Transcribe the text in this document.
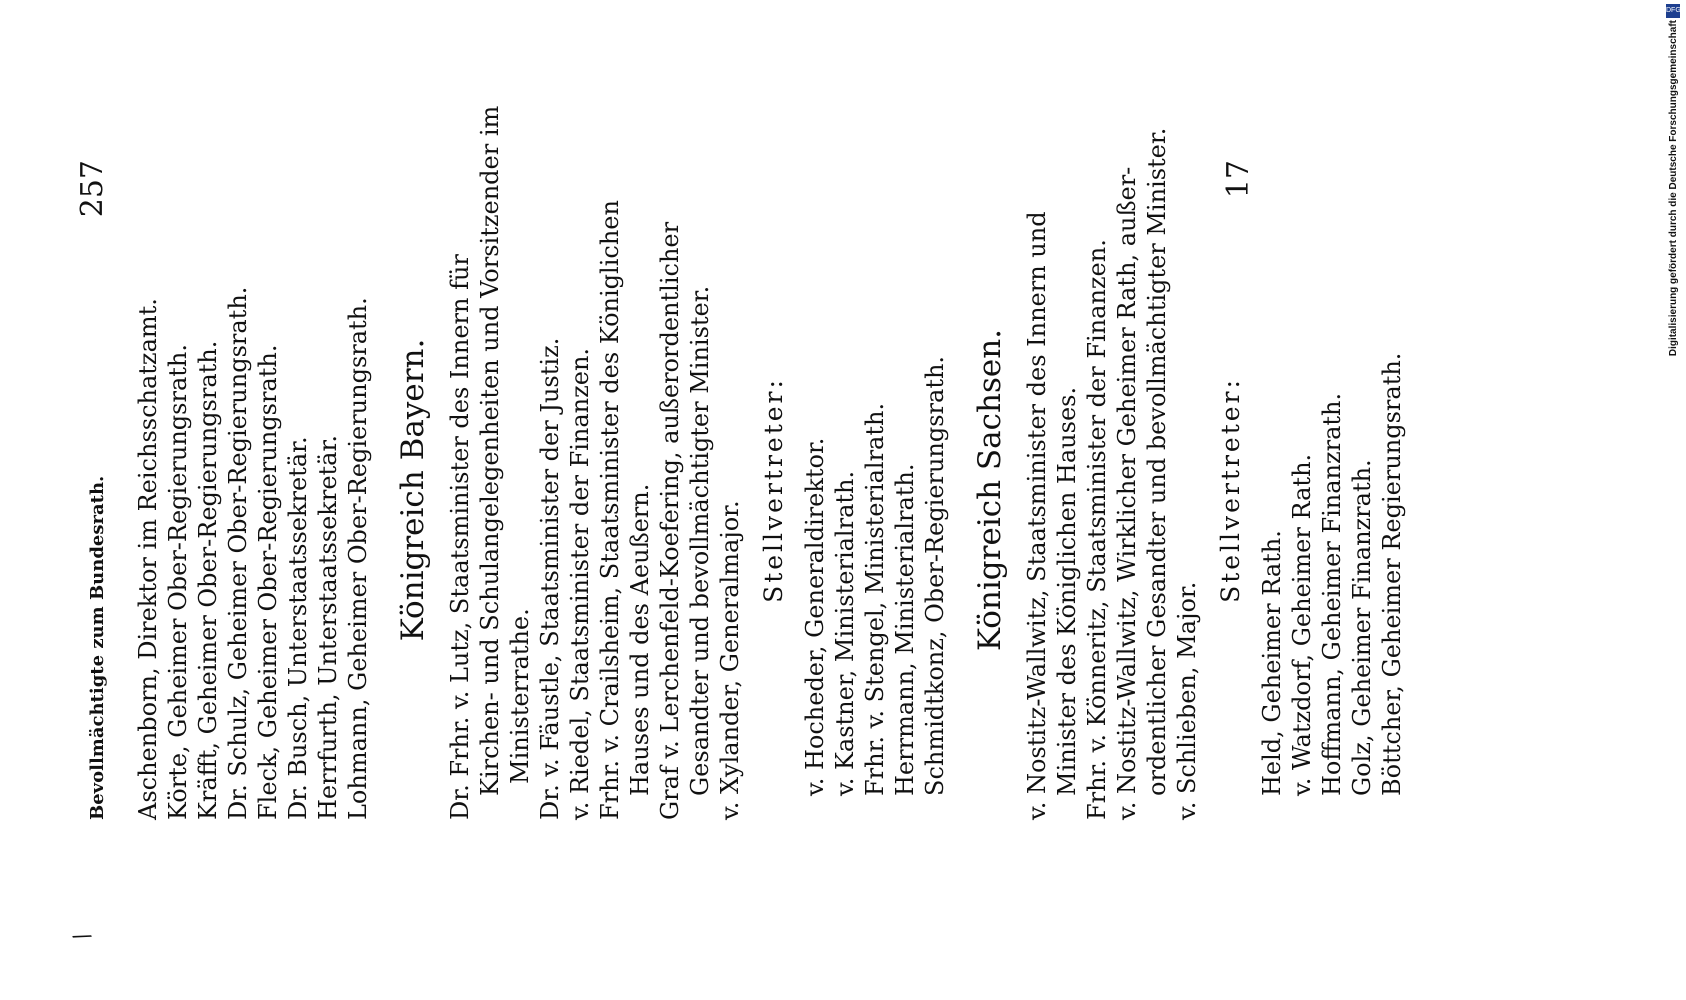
/
Bevollmächtigte zum Bundesrath.
257
Aschenborn, Direktor im Reichsschatzamt. Körte, Geheimer Ober-Regierungsrath. Kräfft, Geheimer Ober-Regierungsrath. Dr. Schulz, Geheimer Ober-Regierungsrath. Fleck, Geheimer Ober-Regierungsrath. Dr. Busch, Unterstaatssekretär. Herrfurth, Unterstaatssekretär. Lohmann, Geheimer Ober-Regierungsrath. Königreich Bayern. Dr. Frhr. v. Lutz, Staatsminister des Innern für Kirchen- und Schulangelegenheiten und Vorsitzender im Ministerrathe. Dr. v. Fäustle, Staatsminister der Justiz. v. Riedel, Staatsminister der Finanzen. Frhr. v. Crailsheim, Staatsminister des Königlichen Hauses und des Aeußern. Graf v. Lerchenfeld-Koefering, außerordentlicher Gesandter und bevollmächtigter Minister. v. Xylander, Generalmajor.
Stellvertreter: v. Hocheder, Generaldirektor. v. Kastner, Ministerialrath. Frhr. v. Stengel, Ministerialrath. Herrmann, Ministerialrath. Schmidtkonz, Ober-Regierungsrath. Königreich Sachsen. v. Nostitz-Wallwitz, Staatsminister des Innern und Minister des Königlichen Hauses. Frhr. v. Könneritz, Staatsminister der Finanzen. v. Nostitz-Wallwitz, Wirklicher Geheimer Rath, außer- ordentlicher Gesandter und bevollmächtigter Minister. v. Schlieben, Major.
Stellvertreter:
Held, Geheimer Rath. v. Watzdorf, Geheimer Rath. Hoffmann, Geheimer Finanzrath. Golz, Geheimer Finanzrath. Böttcher, Geheimer Regierungsrath.
17
DFG
Digitalisierung gefördert durch die Deutsche Forschungsgemeinschaft
